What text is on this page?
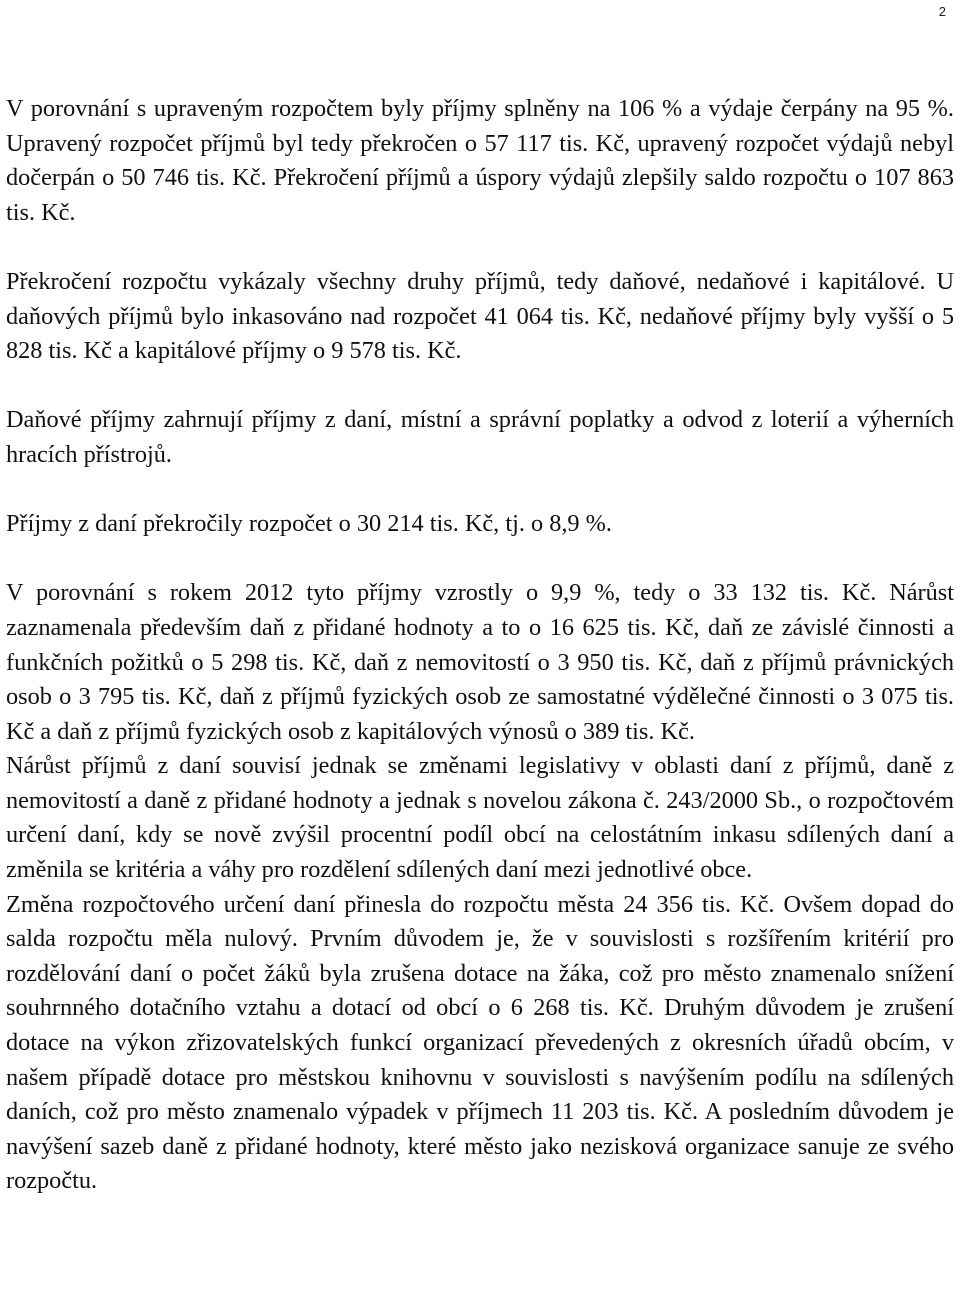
2

V porovnání s upraveným rozpočtem byly příjmy splněny na 106 % a výdaje čerpány na 95 %. Upravený rozpočet příjmů byl tedy překročen o 57 117 tis. Kč, upravený rozpočet výdajů nebyl dočerpán o 50 746 tis. Kč. Překročení příjmů a úspory výdajů zlepšily saldo rozpočtu o 107 863 tis. Kč.

Překročení rozpočtu vykázaly všechny druhy příjmů, tedy daňové, nedaňové i kapitálové. U daňových příjmů bylo inkasováno nad rozpočet 41 064 tis. Kč, nedaňové příjmy byly vyšší o 5 828 tis. Kč a kapitálové příjmy o 9 578 tis. Kč.

Daňové příjmy zahrnují příjmy z daní, místní a správní poplatky a odvod z loterií a výherních hracích přístrojů.

Příjmy z daní překročily rozpočet o 30 214 tis. Kč, tj. o 8,9 %.

V porovnání s rokem 2012 tyto příjmy vzrostly o 9,9 %, tedy o 33 132 tis. Kč. Nárůst zaznamenala především daň z přidané hodnoty a to o 16 625 tis. Kč, daň ze závislé činnosti a funkčních požitků o 5 298 tis. Kč, daň z nemovitostí o 3 950 tis. Kč, daň z příjmů právnických osob o 3 795 tis. Kč, daň z příjmů fyzických osob ze samostatné výdělečné činnosti o 3 075 tis. Kč a daň z příjmů fyzických osob z kapitálových výnosů o 389 tis. Kč.

Nárůst příjmů z daní souvisí jednak se změnami legislativy v oblasti daní z příjmů, daně z nemovitostí a daně z přidané hodnoty a jednak s novelou zákona č. 243/2000 Sb., o rozpočtovém určení daní, kdy se nově zvýšil procentní podíl obcí na celostátním inkasu sdílených daní a změnila se kritéria a váhy pro rozdělení sdílených daní mezi jednotlivé obce.

Změna rozpočtového určení daní přinesla do rozpočtu města 24 356 tis. Kč. Ovšem dopad do salda rozpočtu měla nulový. Prvním důvodem je, že v souvislosti s rozšířením kritérií pro rozdělování daní o počet žáků byla zrušena dotace na žáka, což pro město znamenalo snížení souhrnného dotačního vztahu a dotací od obcí o 6 268 tis. Kč. Druhým důvodem je zrušení dotace na výkon zřizovatelských funkcí organizací převedených z okresních úřadů obcím, v našem případě dotace pro městskou knihovnu v souvislosti s navýšením podílu na sdílených daních, což pro město znamenalo výpadek v příjmech 11 203 tis. Kč. A posledním důvodem je navýšení sazeb daně z přidané hodnoty, které město jako nezisková organizace sanuje ze svého rozpočtu.
